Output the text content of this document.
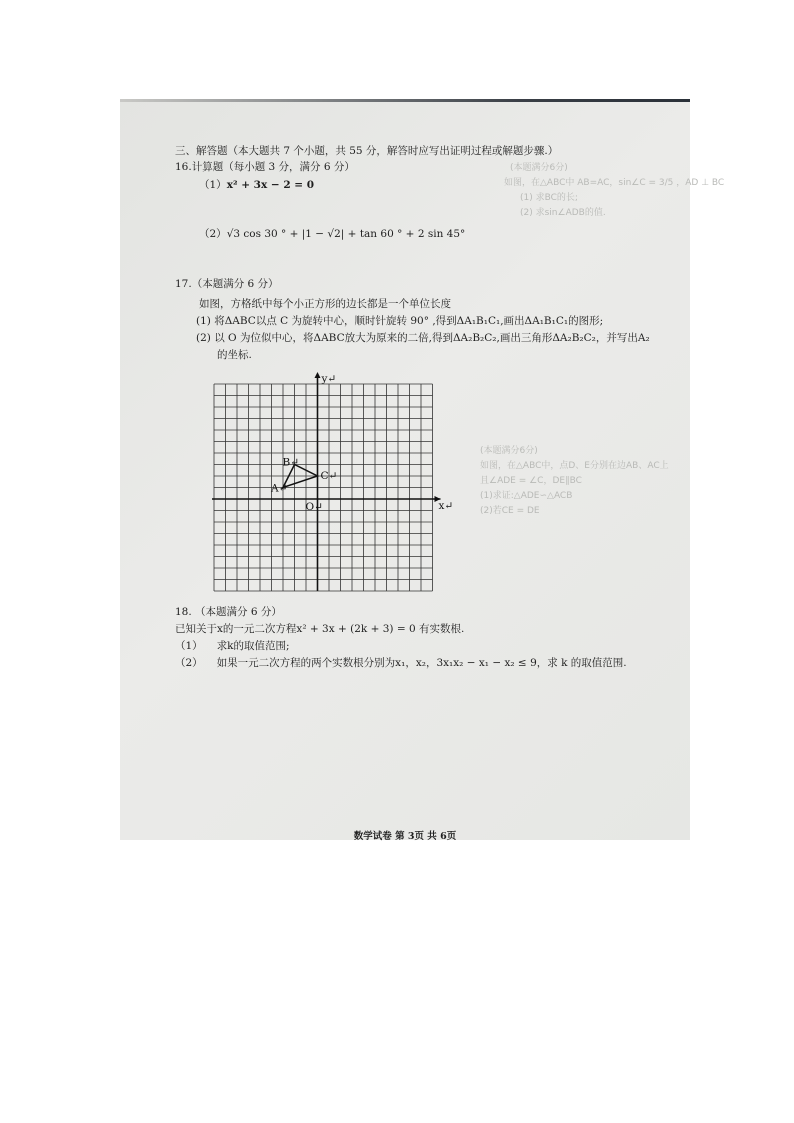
(本题满分6分)
如图，在△ABC中 AB=AC，sin∠C = 3/5 ，AD ⊥ BC
(1) 求BC的长;
(2) 求sin∠ADB的值.
(本题满分6分)
如图，在△ABC中，点D、E分别在边AB、AC上
且∠ADE = ∠C，DE∥BC
(1)求证:△ADE∽△ACB
(2)若CE = DE
三、解答题（本大题共 7 个小题，共 55 分，解答时应写出证明过程或解题步骤.）
16.计算题（每小题 3 分，满分 6 分）
（1）x² + 3x − 2 = 0
（2）√3 cos 30 ° + |1 − √2| + tan 60 ° + 2 sin 45°
17.（本题满分 6 分）
如图，方格纸中每个小正方形的边长都是一个单位长度
(1) 将ΔABC以点 C 为旋转中心，顺时针旋转 90° ,得到ΔA₁B₁C₁,画出ΔA₁B₁C₁的图形;
(2) 以 O 为位似中心，将ΔABC放大为原来的二倍,得到ΔA₂B₂C₂,画出三角形ΔA₂B₂C₂，并写出A₂
的坐标.
A↵
B↵
C↵
O↵	x↵
y↵
18. （本题满分 6 分）
已知关于x的一元二次方程x² + 3x + (2k + 3) = 0 有实数根.
（1） 求k的取值范围;
（2） 如果一元二次方程的两个实数根分别为x₁，x₂，3x₁x₂ − x₁ − x₂ ≤ 9，求 k 的取值范围.
数学试卷 第 3页 共 6页
